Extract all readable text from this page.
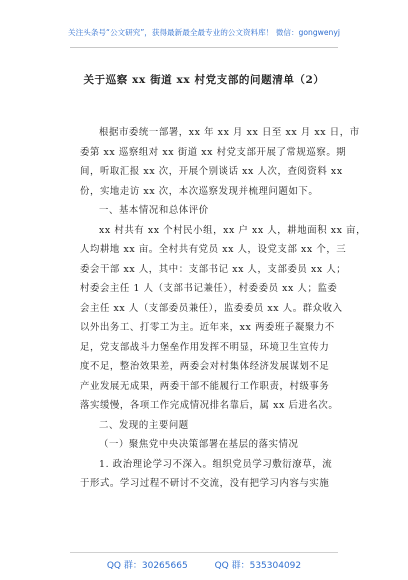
关注头条号“公文研究”，获得最新最全最专业的公文资料库！ 微信：gongwenyj
关于巡察 xx 街道 xx 村党支部的问题清单（2）
根据市委统一部署，xx 年 xx 月 xx 日至 xx 月 xx 日，市
委第 xx 巡察组对 xx 街道 xx 村党支部开展了常规巡察。期
间，听取汇报 xx 次，开展个别谈话 xx 人次，查阅资料 xx
份，实地走访 xx 次，本次巡察发现并梳理问题如下。
一、基本情况和总体评价
xx 村共有 xx 个村民小组，xx 户 xx 人，耕地面积 xx 亩，
人均耕地 xx 亩。全村共有党员 xx 人，设党支部 xx 个，三
委会干部 xx 人，其中：支部书记 xx 人，支部委员 xx 人；
村委会主任 1 人（支部书记兼任），村委委员 xx 人；监委
会主任 xx 人（支部委员兼任），监委委员 xx 人。群众收入
以外出务工、打零工为主。近年来，xx 两委班子凝聚力不
足，党支部战斗力堡垒作用发挥不明显，环境卫生宣传力
度不足，整治效果差，两委会对村集体经济发展谋划不足
产业发展无成果，两委干部不能履行工作职责，村级事务
落实缓慢，各项工作完成情况排名靠后，属 xx 后进名次。
二、发现的主要问题
（一）聚焦党中央决策部署在基层的落实情况
1. 政治理论学习不深入。组织党员学习敷衍潦草，流
于形式。学习过程不研讨不交流，没有把学习内容与实施
QQ 群：30265665	QQ 群：535304092
